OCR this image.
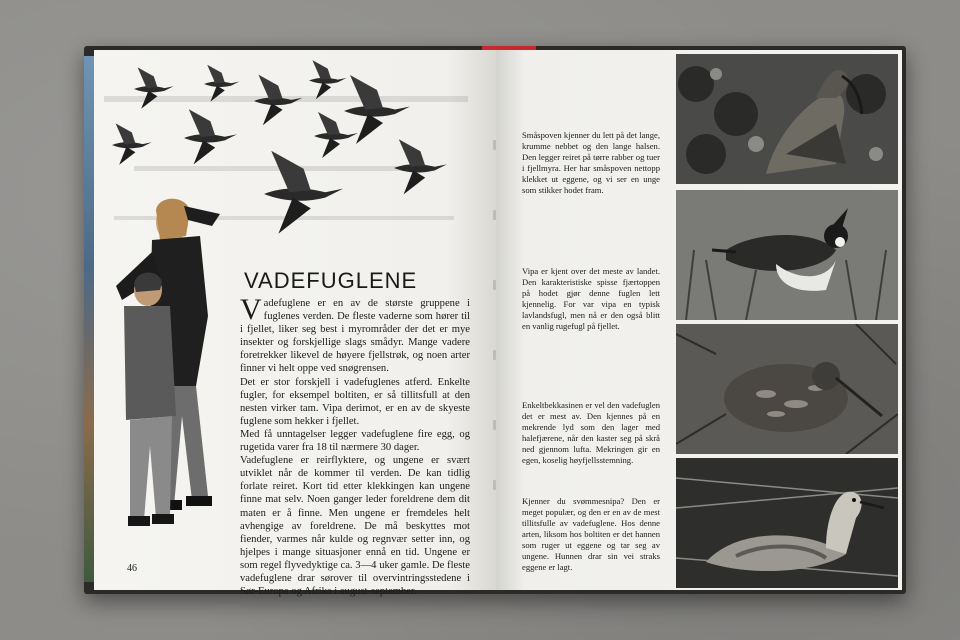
VADEFUGLENE

Vadefuglene er en av de største gruppene i fuglenes verden. De fleste vaderne som hører til i fjellet, liker seg best i myrområder der det er mye insekter og forskjellige slags smådyr. Mange vadere foretrekker likevel de høyere fjellstrøk, og noen arter finner vi helt oppe ved snøgrensen.

Det er stor forskjell i vadefuglenes atferd. Enkelte fugler, for eksempel boltiten, er så tillitsfull at den nesten virker tam. Vipa derimot, er en av de skyeste fuglene som hekker i fjellet.

Med få unntagelser legger vadefuglene fire egg, og rugetida varer fra 18 til nærmere 30 dager.

Vadefuglene er reirflyktere, og ungene er svært utviklet når de kommer til verden. De kan tidlig forlate reiret. Kort tid etter klekkingen kan ungene finne mat selv. Noen ganger leder foreldrene dem dit maten er å finne. Men ungene er fremdeles helt avhengige av foreldrene. De må beskyttes mot fiender, varmes når kulde og regnvær setter inn, og hjelpes i mange situasjoner ennå en tid. Ungene er som regel flyvedyktige ca. 3—4 uker gamle. De fleste vadefuglene drar sørover til overvintringsstedene i Sør-Europa og Afrika i august-september.

46
Småspoven kjenner du lett på det lange, krumme nebbet og den lange halsen. Den legger reiret på tørre rabber og tuer i fjellmyra. Her har småspoven nettopp klekket ut eggene, og vi ser en unge som stikker hodet fram.
Vipa er kjent over det meste av landet. Den karakteristiske spisse fjærtoppen på hodet gjør denne fuglen lett kjennelig. For var vipa en typisk lavlandsfugl, men nå er den også blitt en vanlig rugefugl på fjellet.
Enkeltbekkasinen er vel den vadefuglen det er mest av. Den kjennes på en mekrende lyd som den lager med halefjærene, når den kaster seg på skrå ned gjennom lufta. Mekringen gir en egen, koselig høyfjellsstemning.
Kjenner du svømmesnipa? Den er meget populær, og den er en av de mest tillitsfulle av vadefuglene. Hos denne arten, liksom hos boltiten er det hannen som ruger ut eggene og tar seg av ungene. Hunnen drar sin vei straks eggene er lagt.
